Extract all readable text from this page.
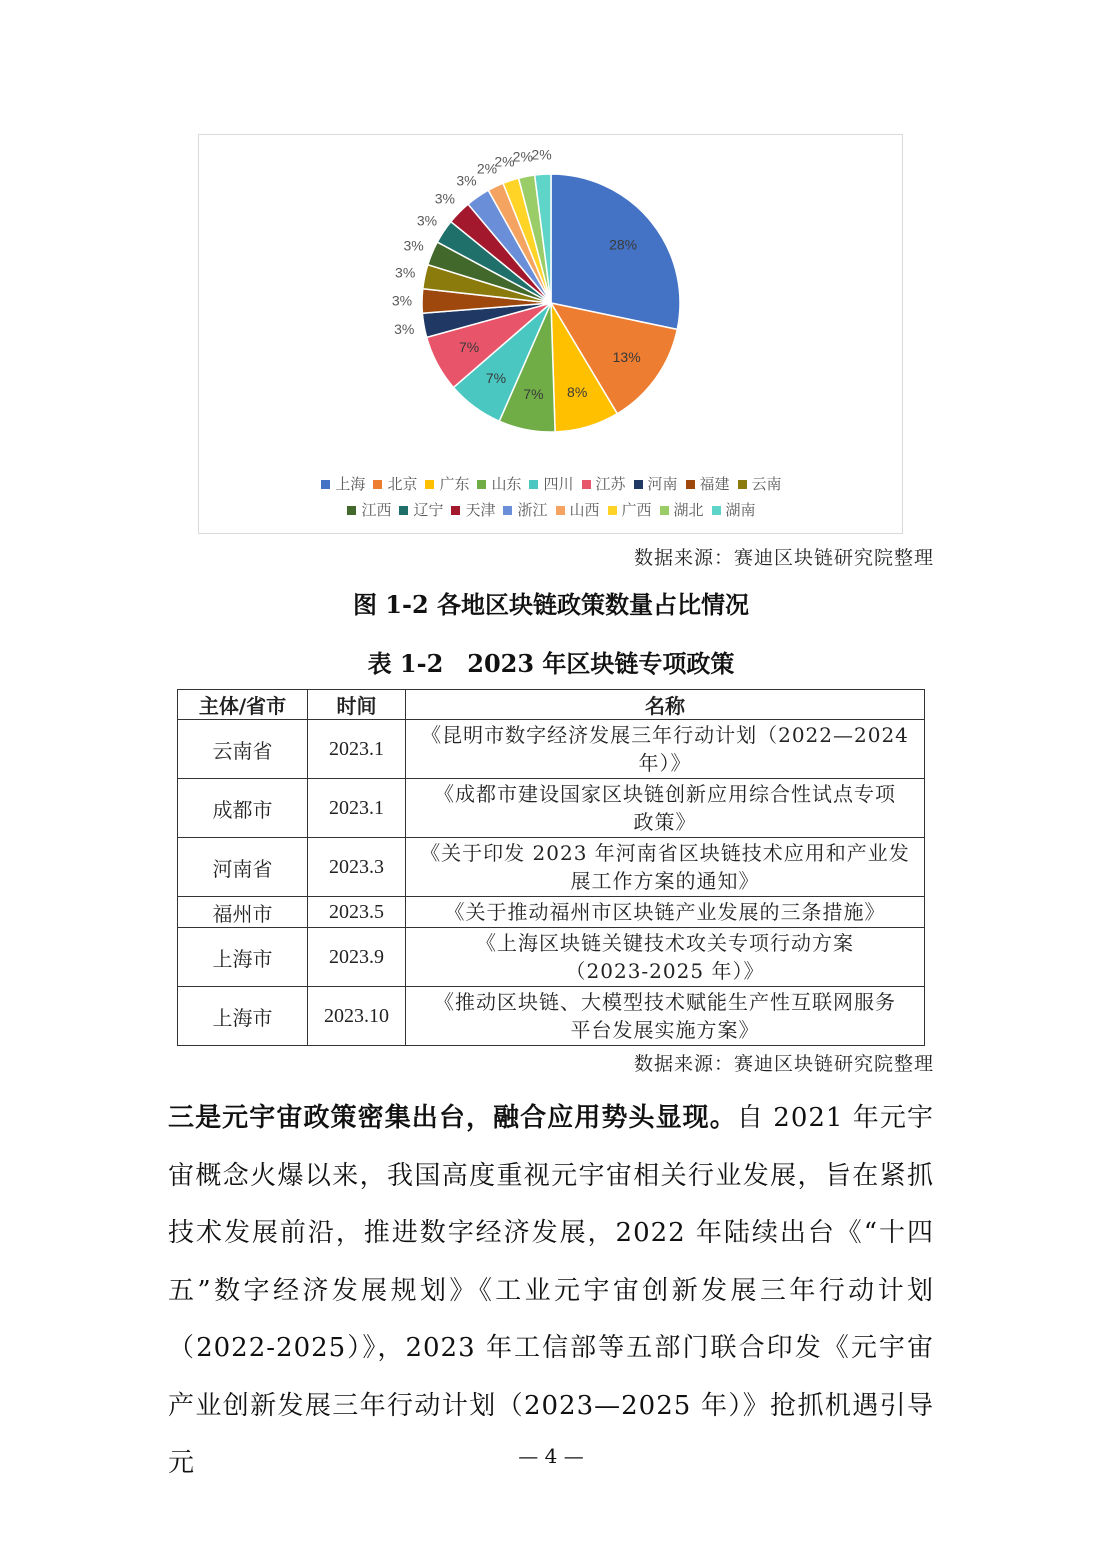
28%
13%
8%
7%
7%
7%
3%
3%
3%
3%
3%
3%
3%
2%
2%
2%
2%
上海 北京 广东 山东 四川 江苏 河南 福建 云南
江西 辽宁 天津 浙江 山西 广西 湖北 湖南
数据来源：赛迪区块链研究院整理
图 1-2 各地区块链政策数量占比情况
表 1-2　2023 年区块链专项政策
主体/省市	时间	名称
云南省	2023.1	《昆明市数字经济发展三年行动计划（2022—2024
年）》

成都市	2023.1	《成都市建设国家区块链创新应用综合性试点专项
政策》

河南省	2023.3	《关于印发 2023 年河南省区块链技术应用和产业发
展工作方案的通知》

福州市	2023.5	《关于推动福州市区块链产业发展的三条措施》

上海市	2023.9	《上海区块链关键技术攻关专项行动方案
（2023-2025 年）》

上海市	2023.10	《推动区块链、大模型技术赋能生产性互联网服务
平台发展实施方案》
数据来源：赛迪区块链研究院整理
三是元宇宙政策密集出台，融合应用势头显现。自 2021 年元宇宙概念火爆以来，我国高度重视元宇宙相关行业发展，旨在紧抓技术发展前沿，推进数字经济发展，2022 年陆续出台《“十四五”数字经济发展规划》《工业元宇宙创新发展三年行动计划（2022-2025）》，2023 年工信部等五部门联合印发《元宇宙产业创新发展三年行动计划（2023—2025 年）》抢抓机遇引导元	— 4 —
